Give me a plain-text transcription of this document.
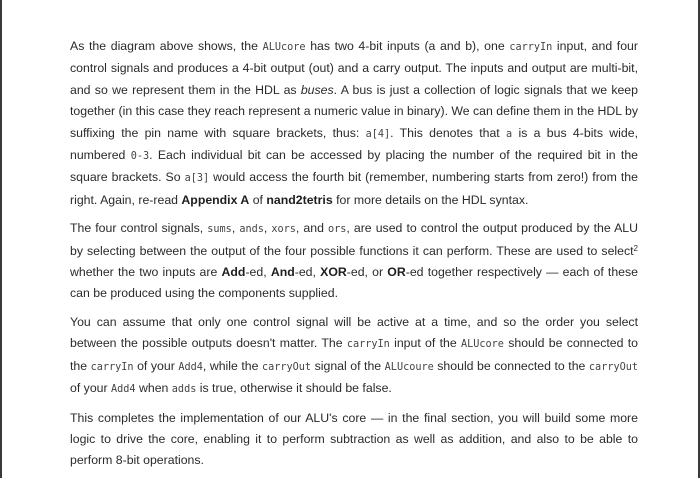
As the diagram above shows, the ALUcore has two 4-bit inputs (a and b), one carryIn input, and four control signals and produces a 4-bit output (out) and a carry output. The inputs and output are multi-bit, and so we represent them in the HDL as buses. A bus is just a collection of logic signals that we keep together (in this case they reach represent a numeric value in binary). We can define them in the HDL by suffixing the pin name with square brackets, thus: a[4]. This denotes that a is a bus 4-bits wide, numbered 0-3. Each individual bit can be accessed by placing the number of the required bit in the square brackets. So a[3] would access the fourth bit (remember, numbering starts from zero!) from the right. Again, re-read Appendix A of nand2tetris for more details on the HDL syntax.

The four control signals, sums, ands, xors, and ors, are used to control the output produced by the ALU by selecting between the output of the four possible functions it can perform. These are used to select$^2$ whether the two inputs are Add-ed, And-ed, XOR-ed, or OR-ed together respectively — each of these can be produced using the components supplied.

You can assume that only one control signal will be active at a time, and so the order you select between the possible outputs doesn't matter. The carryIn input of the ALUcore should be connected to the carryIn of your Add4, while the carryOut signal of the ALUcoure should be connected to the carryOut of your Add4 when adds is true, otherwise it should be false.

This completes the implementation of our ALU's core — in the final section, you will build some more logic to drive the core, enabling it to perform subtraction as well as addition, and also to be able to perform 8-bit operations.
